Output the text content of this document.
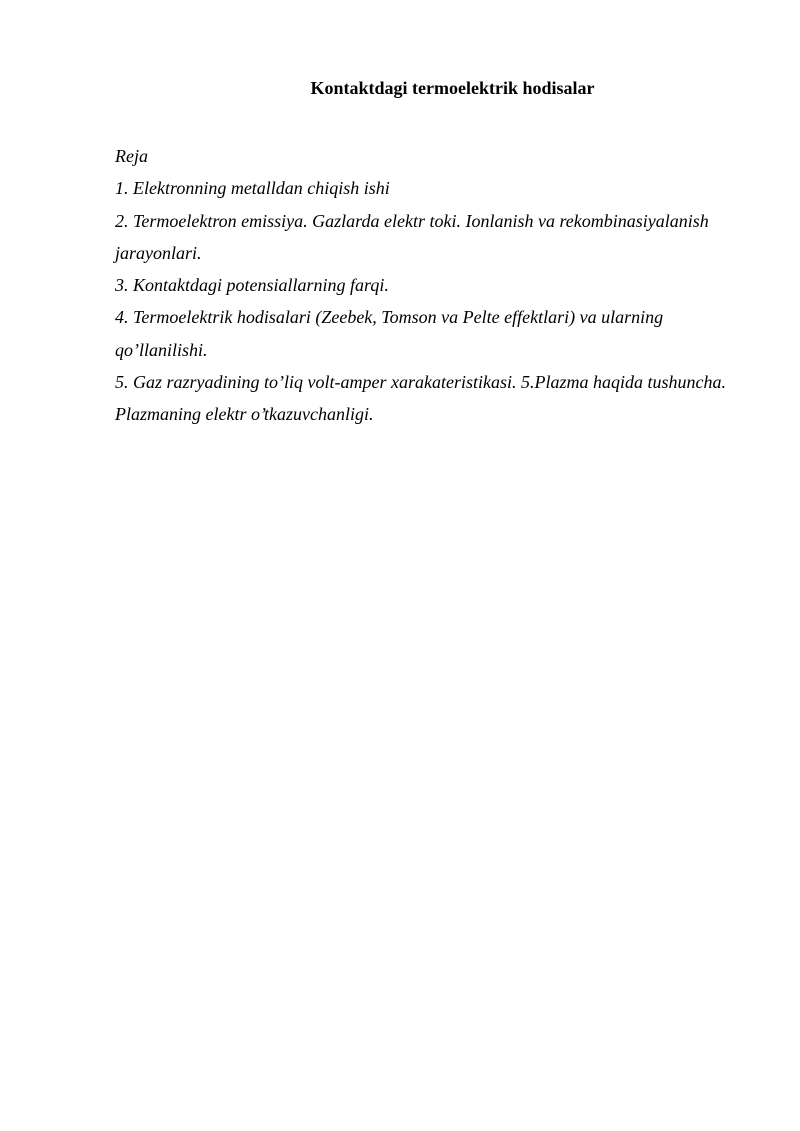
Kontaktdagi termoelektrik hodisalar

Reja

1. Elektronning metalldan chiqish ishi

2. Termoelektron emissiya. Gazlarda elektr toki. Ionlanish va rekombinasiyalanish jarayonlari.

3. Kontaktdagi potensiallarning farqi.

4. Termoelektrik hodisalari (Zeebek, Tomson va Pelte effektlari) va ularning qo’llanilishi.

5. Gaz razryadining to’liq volt-amper xarakateristikasi. 5.Plazma haqida tushuncha. Plazmaning elektr o’tkazuvchanligi.
